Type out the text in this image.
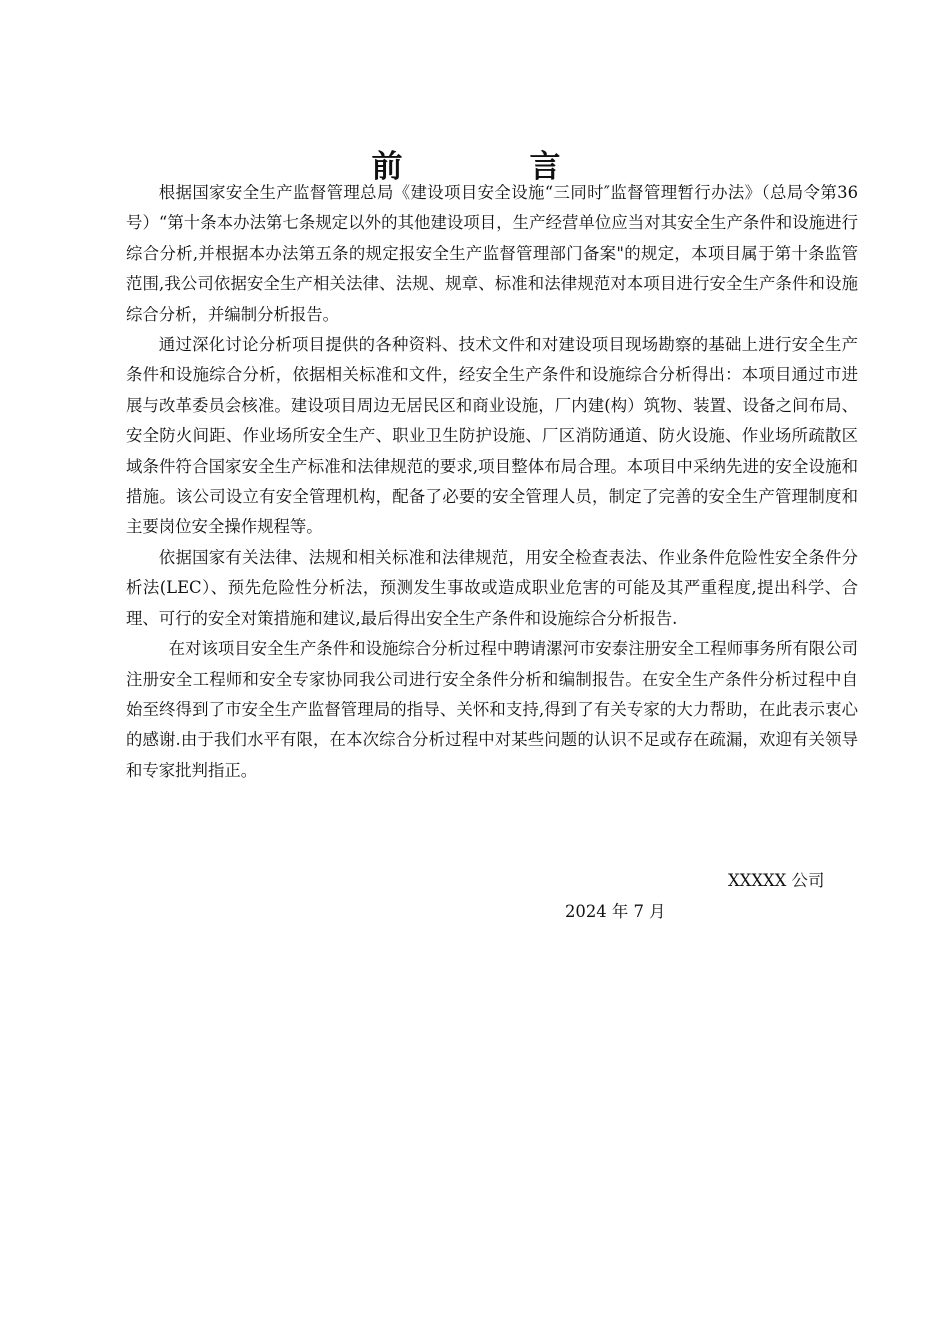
前　言

根据国家安全生产监督管理总局《建设项目安全设施“三同时″监督管理暂行办法》（总局令第36号）“第十条本办法第七条规定以外的其他建设项目，生产经营单位应当对其安全生产条件和设施进行综合分析,并根据本办法第五条的规定报安全生产监督管理部门备案"的规定，本项目属于第十条监管范围,我公司依据安全生产相关法律、法规、规章、标准和法律规范对本项目进行安全生产条件和设施综合分析，并编制分析报告。

通过深化讨论分析项目提供的各种资料、技术文件和对建设项目现场勘察的基础上进行安全生产条件和设施综合分析，依据相关标准和文件，经安全生产条件和设施综合分析得出：本项目通过市进展与改革委员会核准。建设项目周边无居民区和商业设施，厂内建(构）筑物、装置、设备之间布局、安全防火间距、作业场所安全生产、职业卫生防护设施、厂区消防通道、防火设施、作业场所疏散区域条件符合国家安全生产标准和法律规范的要求,项目整体布局合理。本项目中采纳先进的安全设施和措施。该公司设立有安全管理机构，配备了必要的安全管理人员，制定了完善的安全生产管理制度和主要岗位安全操作规程等。

依据国家有关法律、法规和相关标准和法律规范，用安全检查表法、作业条件危险性安全条件分析法(LEC）、预先危险性分析法，预测发生事故或造成职业危害的可能及其严重程度,提出科学、合理、可行的安全对策措施和建议,最后得出安全生产条件和设施综合分析报告.

在对该项目安全生产条件和设施综合分析过程中聘请漯河市安泰注册安全工程师事务所有限公司注册安全工程师和安全专家协同我公司进行安全条件分析和编制报告。在安全生产条件分析过程中自始至终得到了市安全生产监督管理局的指导、关怀和支持,得到了有关专家的大力帮助，在此表示衷心的感谢.由于我们水平有限，在本次综合分析过程中对某些问题的认识不足或存在疏漏，欢迎有关领导和专家批判指正。

XXXXX 公司
2024 年 7 月
